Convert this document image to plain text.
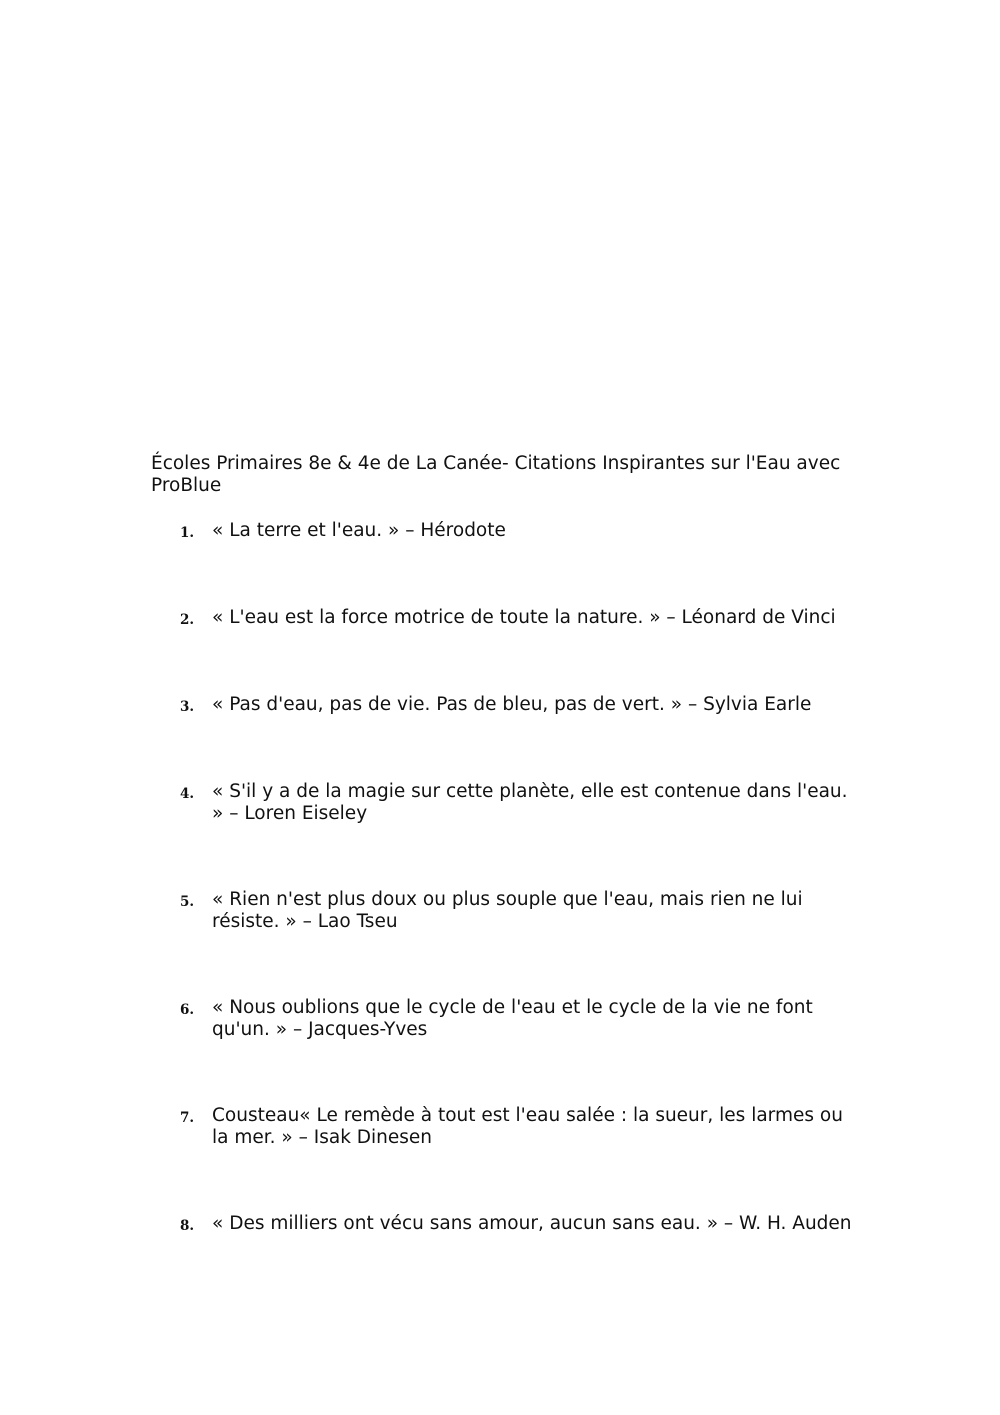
Écoles Primaires 8e & 4e de La Canée- Citations Inspirantes sur l'Eau avec ProBlue
1. « La terre et l'eau. » – Hérodote
2. « L'eau est la force motrice de toute la nature. » – Léonard de Vinci
3. « Pas d'eau, pas de vie. Pas de bleu, pas de vert. » – Sylvia Earle
4. « S'il y a de la magie sur cette planète, elle est contenue dans l'eau. » – Loren Eiseley
5. « Rien n'est plus doux ou plus souple que l'eau, mais rien ne lui résiste. » – Lao Tseu
6. « Nous oublions que le cycle de l'eau et le cycle de la vie ne font qu'un. » – Jacques-Yves
7. Cousteau« Le remède à tout est l'eau salée : la sueur, les larmes ou la mer. » – Isak Dinesen
8. « Des milliers ont vécu sans amour, aucun sans eau. » – W. H. Auden
